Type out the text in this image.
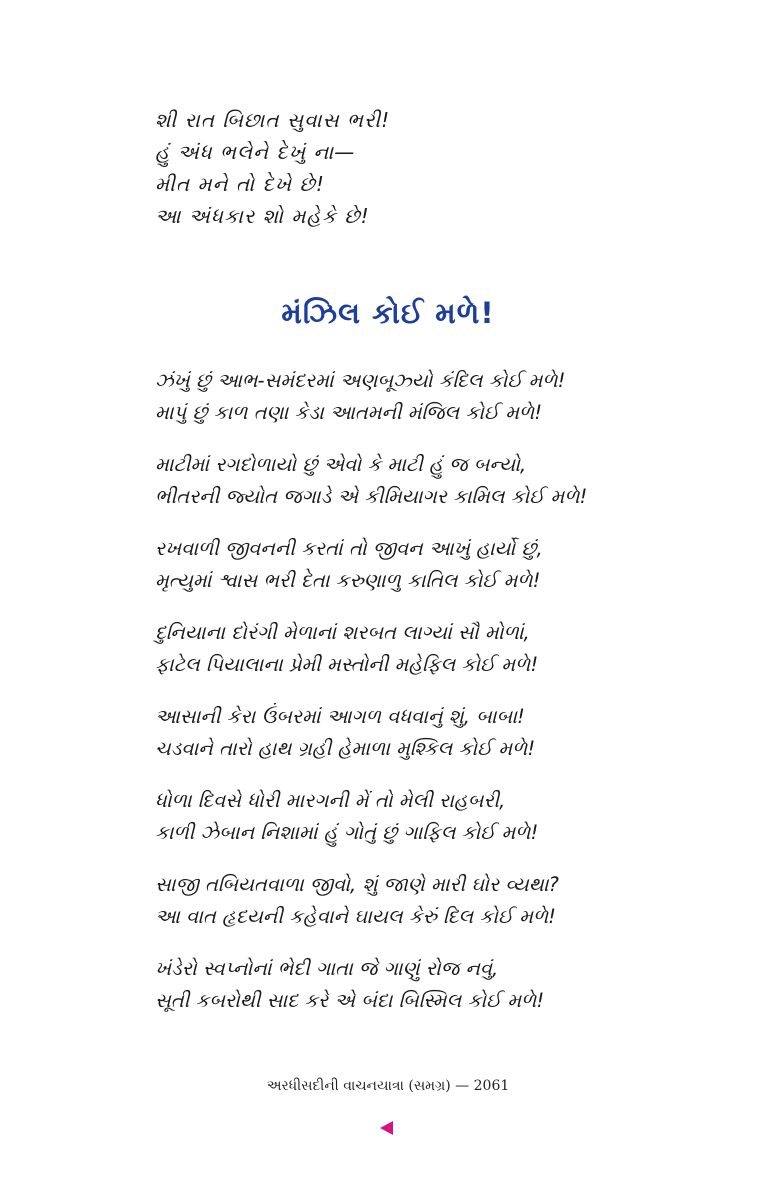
શી રાત બિછાત સુવાસ ભરી!
હું અંધ ભલેને દેખું ના—
મીત મને તો દેખે છે!
આ અંધકાર શો મહેકે છે!
મંઝિલ કોઈ મળે!
ઝંખું છું આભ-સમંદરમાં અણબૂઝ્યો કંદિલ કોઈ મળે!
માપું છું કાળ તણા કેડા આતમની મંજિલ કોઈ મળે!
માટીમાં રગદોળાયો છું એવો કે માટી હું જ બન્યો,
ભીતરની જ્યોત જગાડે એ કીમિયાગર કામિલ કોઈ મળે!
રખવાળી જીવનની કરતાં તો જીવન આખું હાર્યો છું,
મૃત્યુમાં શ્વાસ ભરી દેતા કરુણાળુ કાતિલ કોઈ મળે!
દુનિયાના દોરંગી મેળાનાં શરબત લાગ્યાં સૌ મોળાં,
ફાટેલ પિયાલાના પ્રેમી મસ્તોની મહેફિલ કોઈ મળે!
આસાની કેરા ઉંબરમાં આગળ વધવાનું શું, બાબા!
ચડવાને તારો હાથ ગ્રહી હેમાળા મુશ્કિલ કોઈ મળે!
ધોળા દિવસે ધોરી મારગની મેં તો મેલી રાહબરી,
કાળી ઝેબાન નિશામાં હું ગોતું છું ગાફિલ કોઈ મળે!
સાજી તબિયતવાળા જીવો, શું જાણે મારી ઘોર વ્યથા?
આ વાત હૃદયની કહેવાને ઘાયલ કેરું દિલ કોઈ મળે!
ખંડેરો સ્વપ્નોનાં ભેદી ગાતા જે ગાણું રોજ નવું,
સૂતી કબરોથી સાદ કરે એ બંદા બિસ્મિલ કોઈ મળે!
અરધીસદીની વાચનયાત્રા (સમગ્ર) — 2061
